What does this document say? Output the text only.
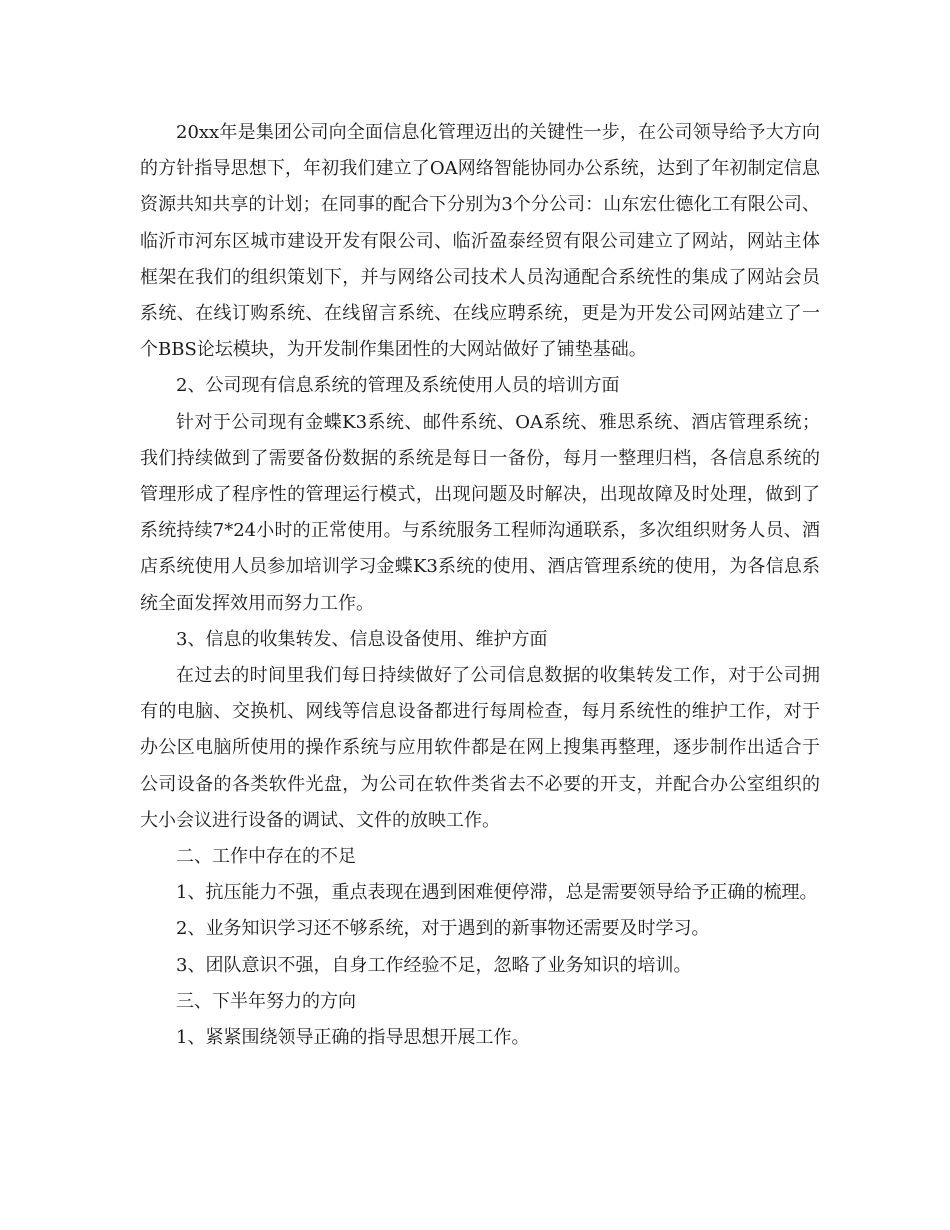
20xx年是集团公司向全面信息化管理迈出的关键性一步，在公司领导给予大方向的方针指导思想下，年初我们建立了OA网络智能协同办公系统，达到了年初制定信息资源共知共享的计划；在同事的配合下分别为3个分公司：山东宏仕德化工有限公司、临沂市河东区城市建设开发有限公司、临沂盈泰经贸有限公司建立了网站，网站主体框架在我们的组织策划下，并与网络公司技术人员沟通配合系统性的集成了网站会员系统、在线订购系统、在线留言系统、在线应聘系统，更是为开发公司网站建立了一个BBS论坛模块，为开发制作集团性的大网站做好了铺垫基础。

2、公司现有信息系统的管理及系统使用人员的培训方面

针对于公司现有金蝶K3系统、邮件系统、OA系统、雅思系统、酒店管理系统；我们持续做到了需要备份数据的系统是每日一备份，每月一整理归档，各信息系统的管理形成了程序性的管理运行模式，出现问题及时解决，出现故障及时处理，做到了系统持续7*24小时的正常使用。与系统服务工程师沟通联系，多次组织财务人员、酒店系统使用人员参加培训学习金蝶K3系统的使用、酒店管理系统的使用，为各信息系统全面发挥效用而努力工作。

3、信息的收集转发、信息设备使用、维护方面

在过去的时间里我们每日持续做好了公司信息数据的收集转发工作，对于公司拥有的电脑、交换机、网线等信息设备都进行每周检查，每月系统性的维护工作，对于办公区电脑所使用的操作系统与应用软件都是在网上搜集再整理，逐步制作出适合于公司设备的各类软件光盘，为公司在软件类省去不必要的开支，并配合办公室组织的大小会议进行设备的调试、文件的放映工作。

二、工作中存在的不足

1、抗压能力不强，重点表现在遇到困难便停滞，总是需要领导给予正确的梳理。

2、业务知识学习还不够系统，对于遇到的新事物还需要及时学习。

3、团队意识不强，自身工作经验不足，忽略了业务知识的培训。

三、下半年努力的方向

1、紧紧围绕领导正确的指导思想开展工作。
